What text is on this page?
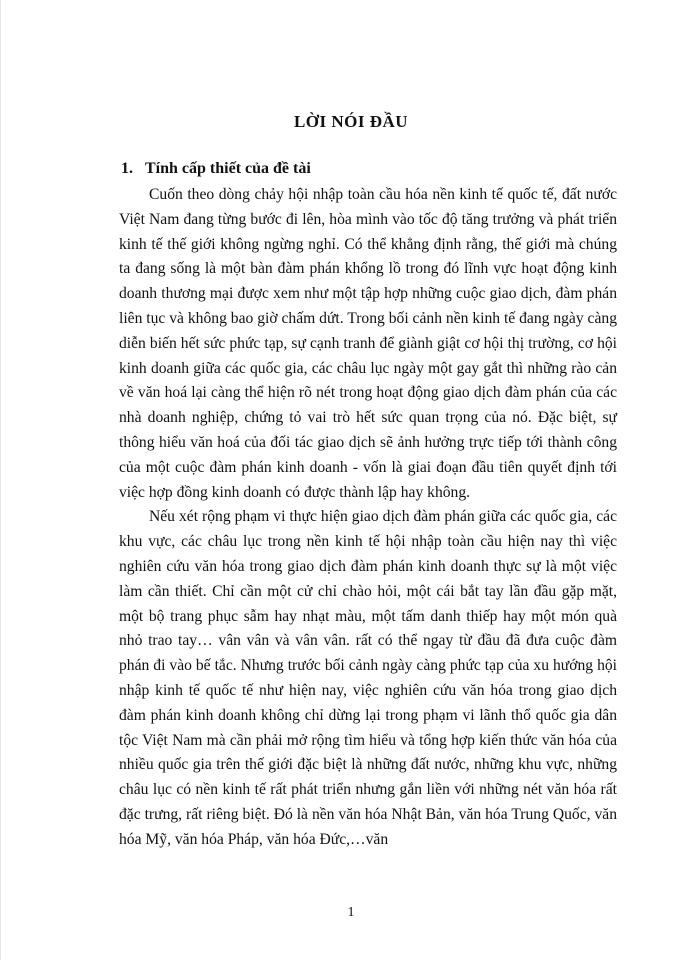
LỜI NÓI ĐẦU
1. Tính cấp thiết của đề tài

Cuốn theo dòng chảy hội nhập toàn cầu hóa nền kinh tế quốc tế, đất nước Việt Nam đang từng bước đi lên, hòa mình vào tốc độ tăng trưởng và phát triển kinh tế thế giới không ngừng nghỉ. Có thể khẳng định rằng, thế giới mà chúng ta đang sống là một bàn đàm phán khổng lồ trong đó lĩnh vực hoạt động kinh doanh thương mại được xem như một tập hợp những cuộc giao dịch, đàm phán liên tục và không bao giờ chấm dứt. Trong bối cảnh nền kinh tế đang ngày càng diễn biến hết sức phức tạp, sự cạnh tranh để giành giật cơ hội thị trường, cơ hội kinh doanh giữa các quốc gia, các châu lục ngày một gay gắt thì những rào cản về văn hoá lại càng thể hiện rõ nét trong hoạt động giao dịch đàm phán của các nhà doanh nghiệp, chứng tỏ vai trò hết sức quan trọng của nó. Đặc biệt, sự thông hiểu văn hoá của đối tác giao dịch sẽ ảnh hưởng trực tiếp tới thành công của một cuộc đàm phán kinh doanh - vốn là giai đoạn đầu tiên quyết định tới việc hợp đồng kinh doanh có được thành lập hay không.

Nếu xét rộng phạm vi thực hiện giao dịch đàm phán giữa các quốc gia, các khu vực, các châu lục trong nền kinh tế hội nhập toàn cầu hiện nay thì việc nghiên cứu văn hóa trong giao dịch đàm phán kinh doanh thực sự là một việc làm cần thiết. Chỉ cần một cử chỉ chào hỏi, một cái bắt tay lần đầu gặp mặt, một bộ trang phục sẫm hay nhạt màu, một tấm danh thiếp hay một món quà nhỏ trao tay… vân vân và vân vân. rất có thể ngay từ đầu đã đưa cuộc đàm phán đi vào bế tắc. Nhưng trước bối cảnh ngày càng phức tạp của xu hướng hội nhập kinh tế quốc tế như hiện nay, việc nghiên cứu văn hóa trong giao dịch đàm phán kinh doanh không chỉ dừng lại trong phạm vi lãnh thổ quốc gia dân tộc Việt Nam mà cần phải mở rộng tìm hiểu và tổng hợp kiến thức văn hóa của nhiều quốc gia trên thế giới đặc biệt là những đất nước, những khu vực, những châu lục có nền kinh tế rất phát triển nhưng gắn liền với những nét văn hóa rất đặc trưng, rất riêng biệt. Đó là nền văn hóa Nhật Bản, văn hóa Trung Quốc, văn hóa Mỹ, văn hóa Pháp, văn hóa Đức,…văn

1
